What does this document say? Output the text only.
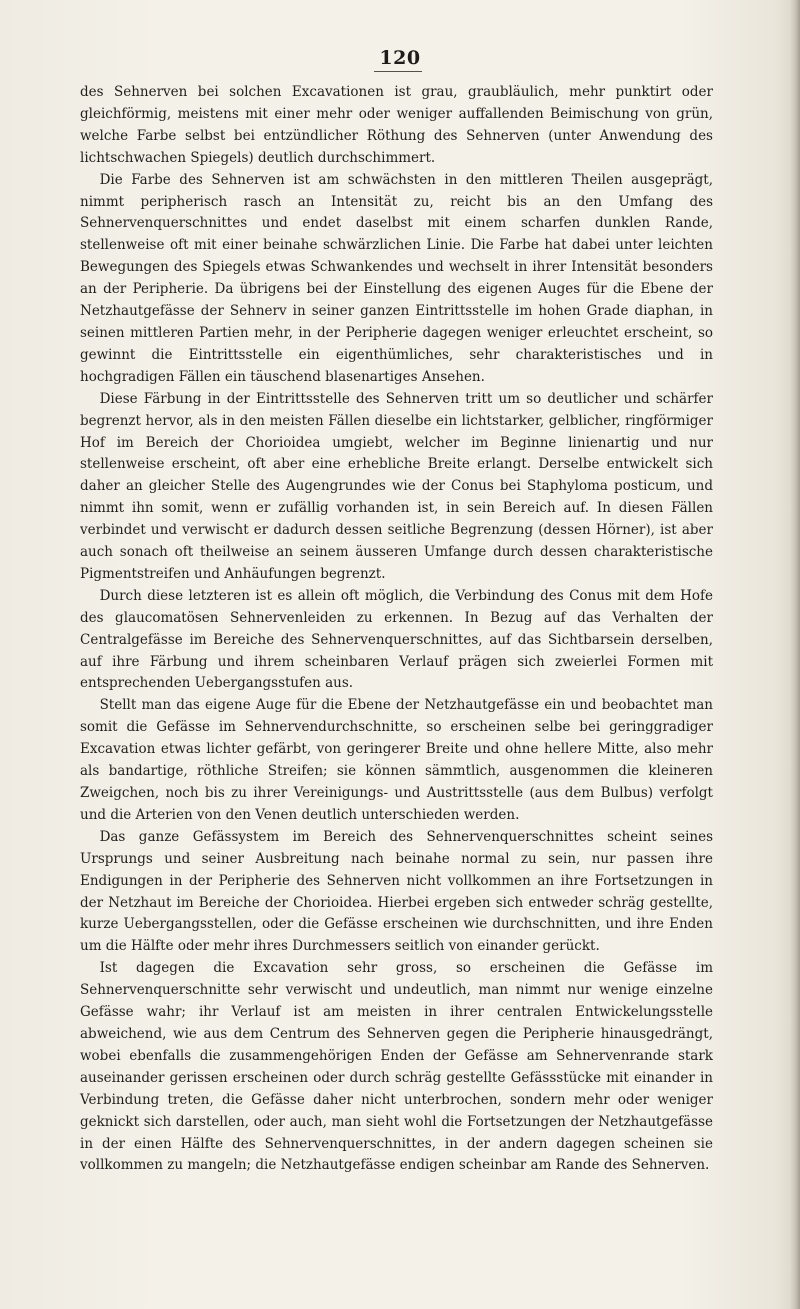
120

des Sehnerven bei solchen Excavationen ist grau, graubläulich, mehr punktirt oder gleichförmig, meistens mit einer mehr oder weniger auffallenden Beimischung von grün, welche Farbe selbst bei entzündlicher Röthung des Sehnerven (unter Anwendung des lichtschwachen Spiegels) deutlich durchschimmert.

Die Farbe des Sehnerven ist am schwächsten in den mittleren Theilen ausgeprägt, nimmt peripherisch rasch an Intensität zu, reicht bis an den Umfang des Sehnervenquerschnittes und endet daselbst mit einem scharfen dunklen Rande, stellenweise oft mit einer beinahe schwärzlichen Linie. Die Farbe hat dabei unter leichten Bewegungen des Spiegels etwas Schwankendes und wechselt in ihrer Intensität besonders an der Peripherie. Da übrigens bei der Einstellung des eigenen Auges für die Ebene der Netzhautgefässe der Sehnerv in seiner ganzen Eintrittsstelle im hohen Grade diaphan, in seinen mittleren Partien mehr, in der Peripherie dagegen weniger erleuchtet erscheint, so gewinnt die Eintrittsstelle ein eigenthümliches, sehr charakteristisches und in hochgradigen Fällen ein täuschend blasenartiges Ansehen.

Diese Färbung in der Eintrittsstelle des Sehnerven tritt um so deutlicher und schärfer begrenzt hervor, als in den meisten Fällen dieselbe ein lichtstarker, gelblicher, ringförmiger Hof im Bereich der Chorioidea umgiebt, welcher im Beginne linienartig und nur stellenweise erscheint, oft aber eine erhebliche Breite erlangt. Derselbe entwickelt sich daher an gleicher Stelle des Augengrundes wie der Conus bei Staphyloma posticum, und nimmt ihn somit, wenn er zufällig vorhanden ist, in sein Bereich auf. In diesen Fällen verbindet und verwischt er dadurch dessen seitliche Begrenzung (dessen Hörner), ist aber auch sonach oft theilweise an seinem äusseren Umfange durch dessen charakteristische Pigmentstreifen und Anhäufungen begrenzt.

Durch diese letzteren ist es allein oft möglich, die Verbindung des Conus mit dem Hofe des glaucomatösen Sehnervenleiden zu erkennen. In Bezug auf das Verhalten der Centralgefässe im Bereiche des Sehnervenquerschnittes, auf das Sichtbarsein derselben, auf ihre Färbung und ihrem scheinbaren Verlauf prägen sich zweierlei Formen mit entsprechenden Uebergangsstufen aus.

Stellt man das eigene Auge für die Ebene der Netzhautgefässe ein und beobachtet man somit die Gefässe im Sehnervendurchschnitte, so erscheinen selbe bei geringgradiger Excavation etwas lichter gefärbt, von geringerer Breite und ohne hellere Mitte, also mehr als bandartige, röthliche Streifen; sie können sämmtlich, ausgenommen die kleineren Zweigchen, noch bis zu ihrer Vereinigungs- und Austrittsstelle (aus dem Bulbus) verfolgt und die Arterien von den Venen deutlich unterschieden werden.

Das ganze Gefässystem im Bereich des Sehnervenquerschnittes scheint seines Ursprungs und seiner Ausbreitung nach beinahe normal zu sein, nur passen ihre Endigungen in der Peripherie des Sehnerven nicht vollkommen an ihre Fortsetzungen in der Netzhaut im Bereiche der Chorioidea. Hierbei ergeben sich entweder schräg gestellte, kurze Uebergangsstellen, oder die Gefässe erscheinen wie durchschnitten, und ihre Enden um die Hälfte oder mehr ihres Durchmessers seitlich von einander gerückt.

Ist dagegen die Excavation sehr gross, so erscheinen die Gefässe im Sehnervenquerschnitte sehr verwischt und undeutlich, man nimmt nur wenige einzelne Gefässe wahr; ihr Verlauf ist am meisten in ihrer centralen Entwickelungsstelle abweichend, wie aus dem Centrum des Sehnerven gegen die Peripherie hinausgedrängt, wobei ebenfalls die zusammengehörigen Enden der Gefässe am Sehnervenrande stark auseinander gerissen erscheinen oder durch schräg gestellte Gefässstücke mit einander in Verbindung treten, die Gefässe daher nicht unterbrochen, sondern mehr oder weniger geknickt sich darstellen, oder auch, man sieht wohl die Fortsetzungen der Netzhautgefässe in der einen Hälfte des Sehnervenquerschnittes, in der andern dagegen scheinen sie vollkommen zu mangeln; die Netzhautgefässe endigen scheinbar am Rande des Sehnerven.
